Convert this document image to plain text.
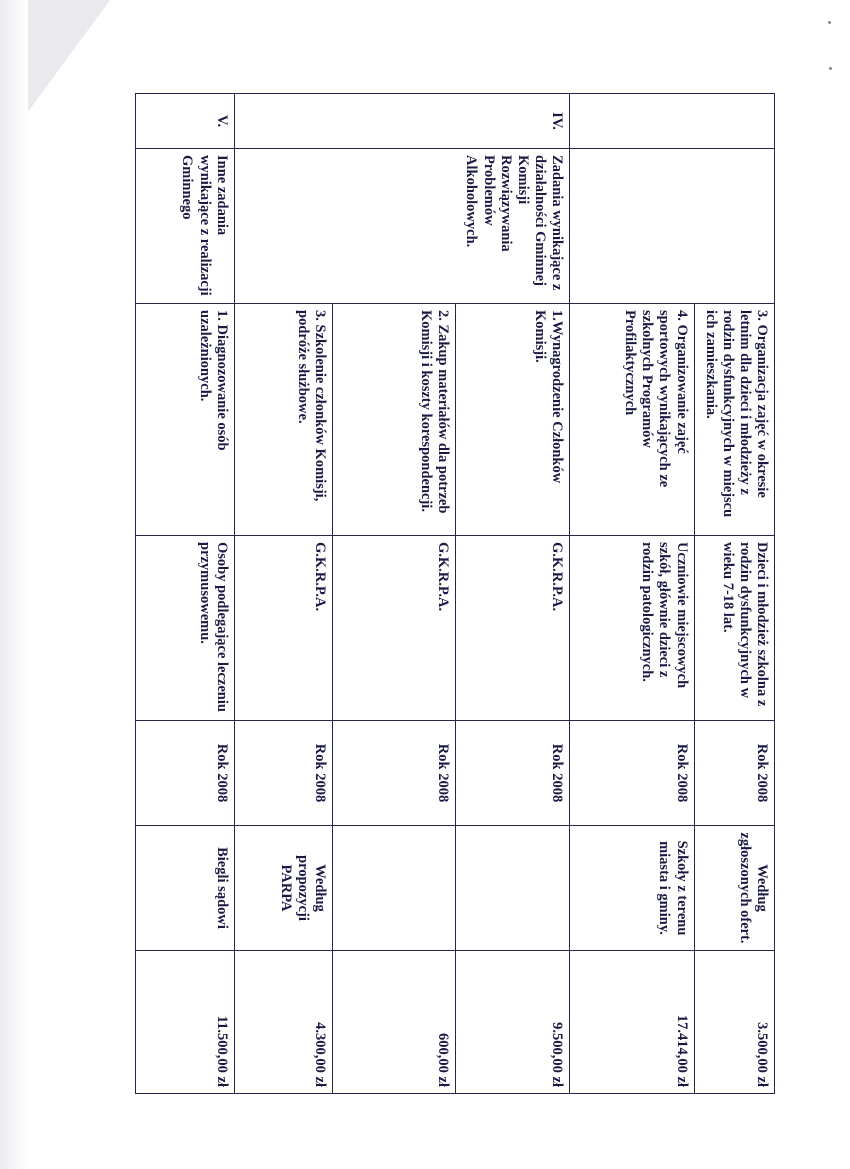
		3. Organizacja zajęć w okresie letnim dla dzieci i młodzieży z rodzin dysfunkcyjnych w miejscu ich zamieszkania.	Dzieci i młodzież szkolna z rodzin dysfunkcyjnych w wieku 7-18 lat.	Rok 2008	Według zgłoszonych ofert.	3.500,00 zł
		4. Organizowanie zajęć sportowych wynikających ze szkolnych Programów Profilaktycznych	Uczniowie miejscowych szkół, głównie dzieci z rodzin patologicznych.	Rok 2008	Szkoły z terenu miasta i gminy.	17.414,00 zł
IV.	Zadania wynikające z działalności Gminnej Komisji Rozwiązywania Problemów Alkoholowych.	1.Wynagrodzenie Członków Komisji.	G.K.R.P.A.	Rok 2008		9.500,00 zł
		2. Zakup materiałów dla potrzeb Komisji i koszty korespondencji.	G.K.R.P.A.	Rok 2008		600,00 zł
		3. Szkolenie członków Komisji, podróże służbowe.	G.K.R.P.A.	Rok 2008	Według propozycji PARPA	4.300,00 zł
V.	Inne zadania wynikające z realizacji Gminnego	1. Diagnozowanie osób uzależnionych.	Osoby podlegające leczeniu przymusowemu.	Rok 2008	Biegli sądowi	11.500,00 zł
